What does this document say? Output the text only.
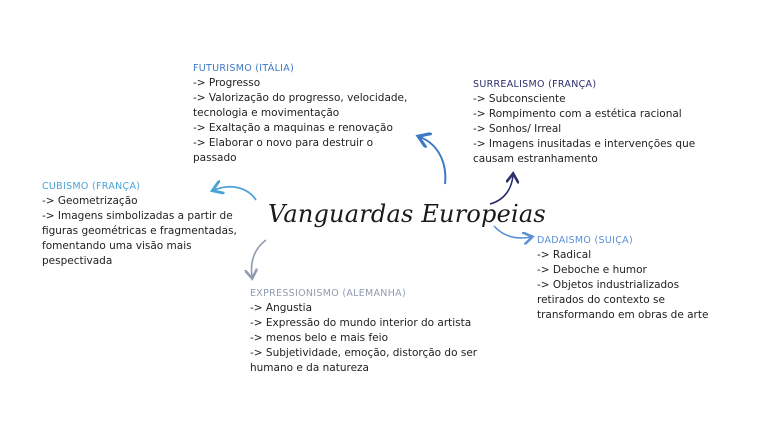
Vanguardas Europeias
FUTURISMO (ITÁLIA)
-> Progresso
-> Valorização do progresso, velocidade, tecnologia e movimentação
-> Exaltação a maquinas e renovação
-> Elaborar o novo para destruir o passado
SURREALISMO (FRANÇA)
-> Subconsciente
-> Rompimento com a estética racional
-> Sonhos/ Irreal
-> Imagens inusitadas e intervenções que causam estranhamento
CUBISMO (FRANÇA)
-> Geometrização
-> Imagens simbolizadas a partir de figuras geométricas e fragmentadas, fomentando uma visão mais pespectivada
DADAISMO (SUIÇA)
-> Radical
-> Deboche e humor
-> Objetos industrializados retirados do contexto se transformando em obras de arte
EXPRESSIONISMO (ALEMANHA)
-> Angustia
-> Expressão do mundo interior do artista
-> menos belo e mais feio
-> Subjetividade, emoção, distorção do ser humano e da natureza
